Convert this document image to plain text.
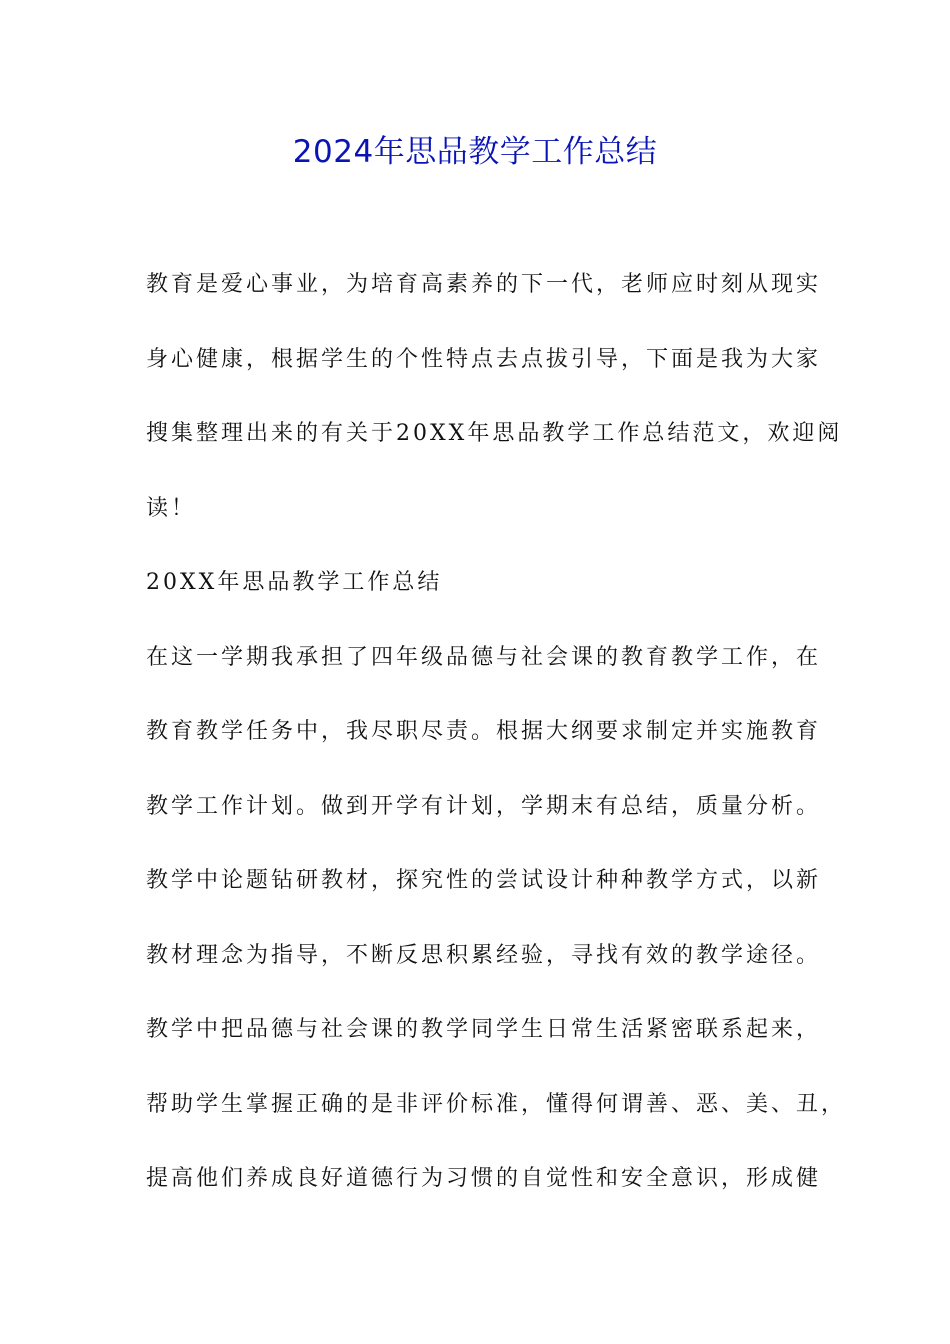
2024年思品教学工作总结
教育是爱心事业，为培育高素养的下一代，老师应时刻从现实
身心健康，根据学生的个性特点去点拔引导，下面是我为大家
搜集整理出来的有关于20XX年思品教学工作总结范文，欢迎阅
读！
20XX年思品教学工作总结
在这一学期我承担了四年级品德与社会课的教育教学工作，在
教育教学任务中，我尽职尽责。根据大纲要求制定并实施教育
教学工作计划。做到开学有计划，学期末有总结，质量分析。
教学中论题钻研教材，探究性的尝试设计种种教学方式，以新
教材理念为指导，不断反思积累经验，寻找有效的教学途径。
教学中把品德与社会课的教学同学生日常生活紧密联系起来，
帮助学生掌握正确的是非评价标准，懂得何谓善、恶、美、丑，
提高他们养成良好道德行为习惯的自觉性和安全意识，形成健
